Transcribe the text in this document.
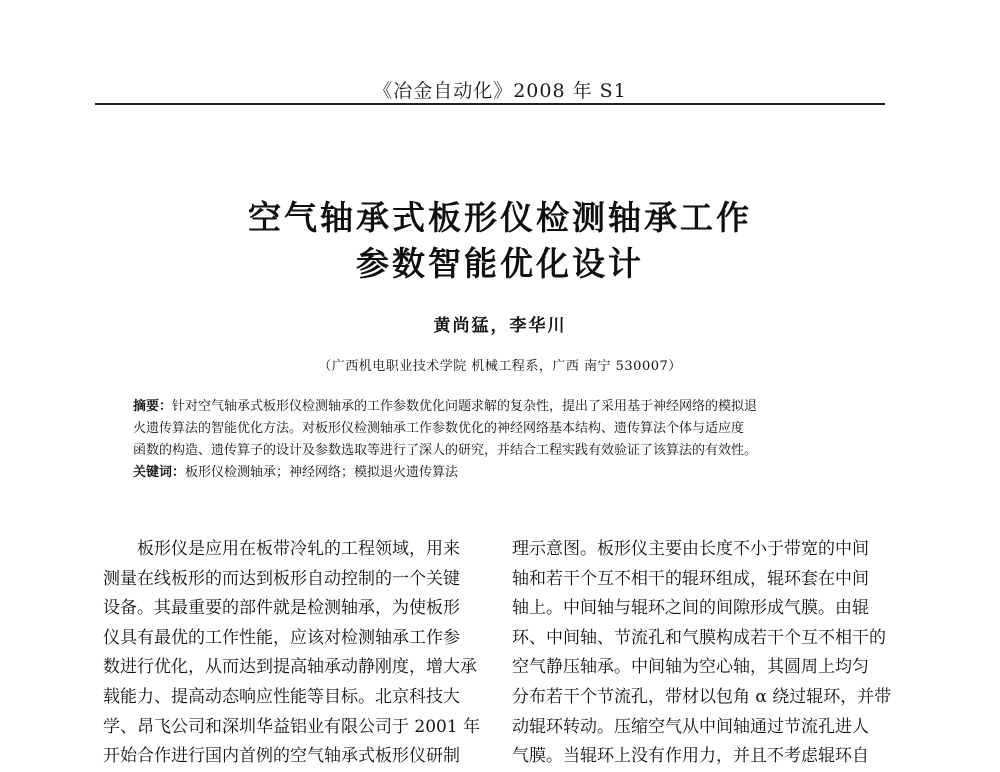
《冶金自动化》2008 年 S1
空气轴承式板形仪检测轴承工作
参数智能优化设计
黄尚猛，李华川
（广西机电职业技术学院 机械工程系，广西 南宁 530007）
摘要：针对空气轴承式板形仪检测轴承的工作参数优化问题求解的复杂性，提出了采用基于神经网络的模拟退
火遗传算法的智能优化方法。对板形仪检测轴承工作参数优化的神经网络基本结构、遗传算法个体与适应度
函数的构造、遗传算子的设计及参数选取等进行了深人的研究，并结合工程实践有效验证了该算法的有效性。
关键词：板形仪检测轴承；神经网络；模拟退火遗传算法
　　板形仪是应用在板带冷轧的工程领域，用来
测量在线板形的而达到板形自动控制的一个关键
设备。其最重要的部件就是检测轴承，为使板形
仪具有最优的工作性能，应该对检测轴承工作参
数进行优化，从而达到提高轴承动静刚度，增大承
载能力、提高动态响应性能等目标。北京科技大
学、昂飞公司和深圳华益铝业有限公司于 2001 年
开始合作进行国内首例的空气轴承式板形仪研制
理示意图。板形仪主要由长度不小于带宽的中间
轴和若干个互不相干的辊环组成，辊环套在中间
轴上。中间轴与辊环之间的间隙形成气膜。由辊
环、中间轴、节流孔和气膜构成若干个互不相干的
空气静压轴承。中间轴为空心轴，其圆周上均匀
分布若干个节流孔，带材以包角 α 绕过辊环，并带
动辊环转动。压缩空气从中间轴通过节流孔进人
气膜。当辊环上没有作用力，并且不考虑辊环自
